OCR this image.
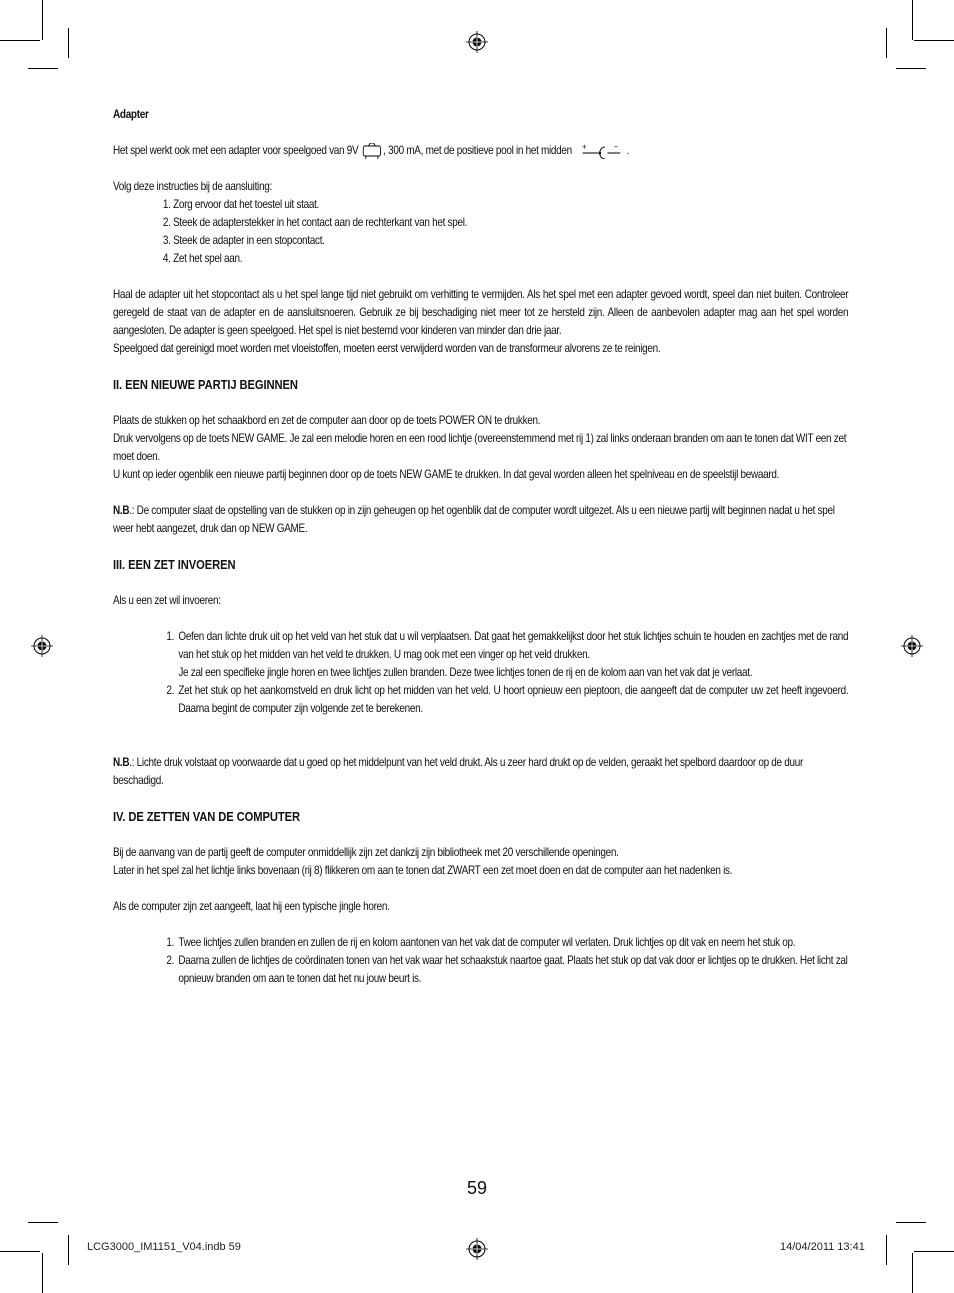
Adapter

Het spel werkt ook met een adapter voor speelgoed van 9V , 300 mA, met de positieve pool in het midden +	− .

Volg deze instructies bij de aansluiting:

1. Zorg ervoor dat het toestel uit staat.

2. Steek de adapterstekker in het contact aan de rechterkant van het spel.

3. Steek de adapter in een stopcontact.

4. Zet het spel aan.

Haal de adapter uit het stopcontact als u het spel lange tijd niet gebruikt om verhitting te vermijden. Als het spel met een adapter gevoed wordt, speel dan niet buiten. Controleer geregeld de staat van de adapter en de aansluitsnoeren. Gebruik ze bij beschadiging niet meer tot ze hersteld zijn. Alleen de aanbevolen adapter mag aan het spel worden aangesloten. De adapter is geen speelgoed. Het spel is niet bestemd voor kinderen van minder dan drie jaar.

Speelgoed dat gereinigd moet worden met vloeistoffen, moeten eerst verwijderd worden van de transformeur alvorens ze te reinigen.

II. EEN NIEUWE PARTIJ BEGINNEN

Plaats de stukken op het schaakbord en zet de computer aan door op de toets POWER ON te drukken.

Druk vervolgens op de toets NEW GAME. Je zal een melodie horen en een rood lichtje (overeenstemmend met rij 1) zal links onderaan branden om aan te tonen dat WIT een zet moet doen.

U kunt op ieder ogenblik een nieuwe partij beginnen door op de toets NEW GAME te drukken. In dat geval worden alleen het spelniveau en de speelstijl bewaard.

N.B.: De computer slaat de opstelling van de stukken op in zijn geheugen op het ogenblik dat de computer wordt uitgezet. Als u een nieuwe partij wilt beginnen nadat u het spel weer hebt aangezet, druk dan op NEW GAME.

III. EEN ZET INVOEREN

Als u een zet wil invoeren:

1. Oefen dan lichte druk uit op het veld van het stuk dat u wil verplaatsen. Dat gaat het gemakkelijkst door het stuk lichtjes schuin te houden en zachtjes met de rand van het stuk op het midden van het veld te drukken. U mag ook met een vinger op het veld drukken.
Je zal een specifieke jingle horen en twee lichtjes zullen branden. Deze twee lichtjes tonen de rij en de kolom aan van het vak dat je verlaat.
2. Zet het stuk op het aankomstveld en druk licht op het midden van het veld. U hoort opnieuw een pieptoon, die aangeeft dat de computer uw zet heeft ingevoerd. Daarna begint de computer zijn volgende zet te berekenen.

N.B.: Lichte druk volstaat op voorwaarde dat u goed op het middelpunt van het veld drukt. Als u zeer hard drukt op de velden, geraakt het spelbord daardoor op de duur beschadigd.

IV. DE ZETTEN VAN DE COMPUTER

Bij de aanvang van de partij geeft de computer onmiddellijk zijn zet dankzij zijn bibliotheek met 20 verschillende openingen.

Later in het spel zal het lichtje links bovenaan (rij 8) flikkeren om aan te tonen dat ZWART een zet moet doen en dat de computer aan het nadenken is.

Als de computer zijn zet aangeeft, laat hij een typische jingle horen.

1. Twee lichtjes zullen branden en zullen de rij en kolom aantonen van het vak dat de computer wil verlaten. Druk lichtjes op dit vak en neem het stuk op.
2. Daarna zullen de lichtjes de coördinaten tonen van het vak waar het schaakstuk naartoe gaat. Plaats het stuk op dat vak door er lichtjes op te drukken. Het licht zal opnieuw branden om aan te tonen dat het nu jouw beurt is.
59
LCG3000_IM1151_V04.indb 59	14/04/2011 13:41
